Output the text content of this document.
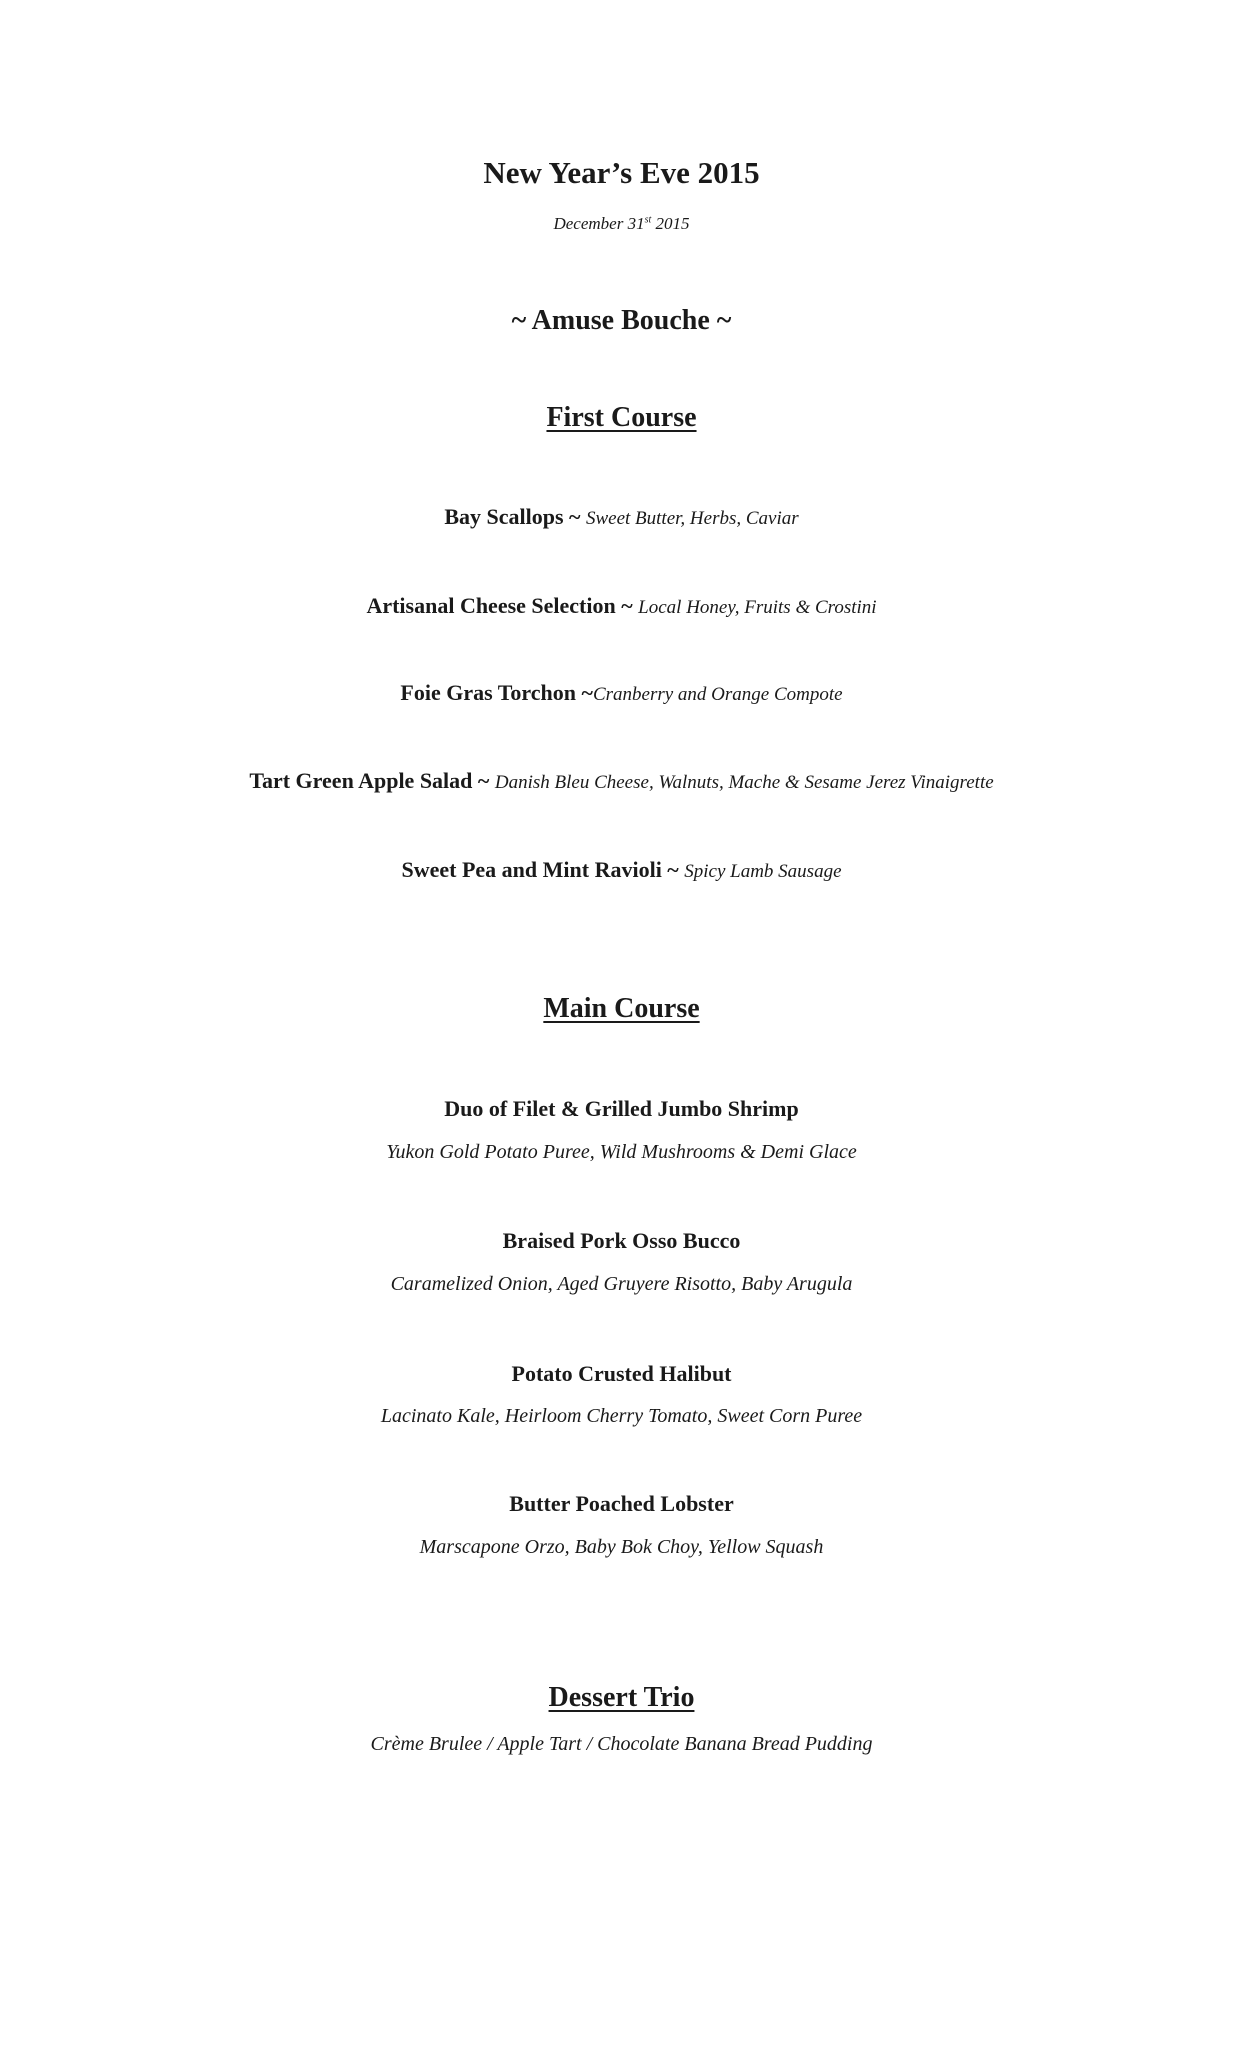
New Year’s Eve 2015
December 31st 2015
~ Amuse Bouche ~
First Course
Bay Scallops ~ Sweet Butter, Herbs, Caviar
Artisanal Cheese Selection ~ Local Honey, Fruits & Crostini
Foie Gras Torchon ~Cranberry and Orange Compote
Tart Green Apple Salad ~ Danish Bleu Cheese, Walnuts, Mache & Sesame Jerez Vinaigrette
Sweet Pea and Mint Ravioli ~ Spicy Lamb Sausage
Main Course
Duo of Filet & Grilled Jumbo Shrimp
Yukon Gold Potato Puree, Wild Mushrooms & Demi Glace
Braised Pork Osso Bucco
Caramelized Onion, Aged Gruyere Risotto, Baby Arugula
Potato Crusted Halibut
Lacinato Kale, Heirloom Cherry Tomato, Sweet Corn Puree
Butter Poached Lobster
Marscapone Orzo, Baby Bok Choy, Yellow Squash
Dessert Trio
Crème Brulee / Apple Tart / Chocolate Banana Bread Pudding
